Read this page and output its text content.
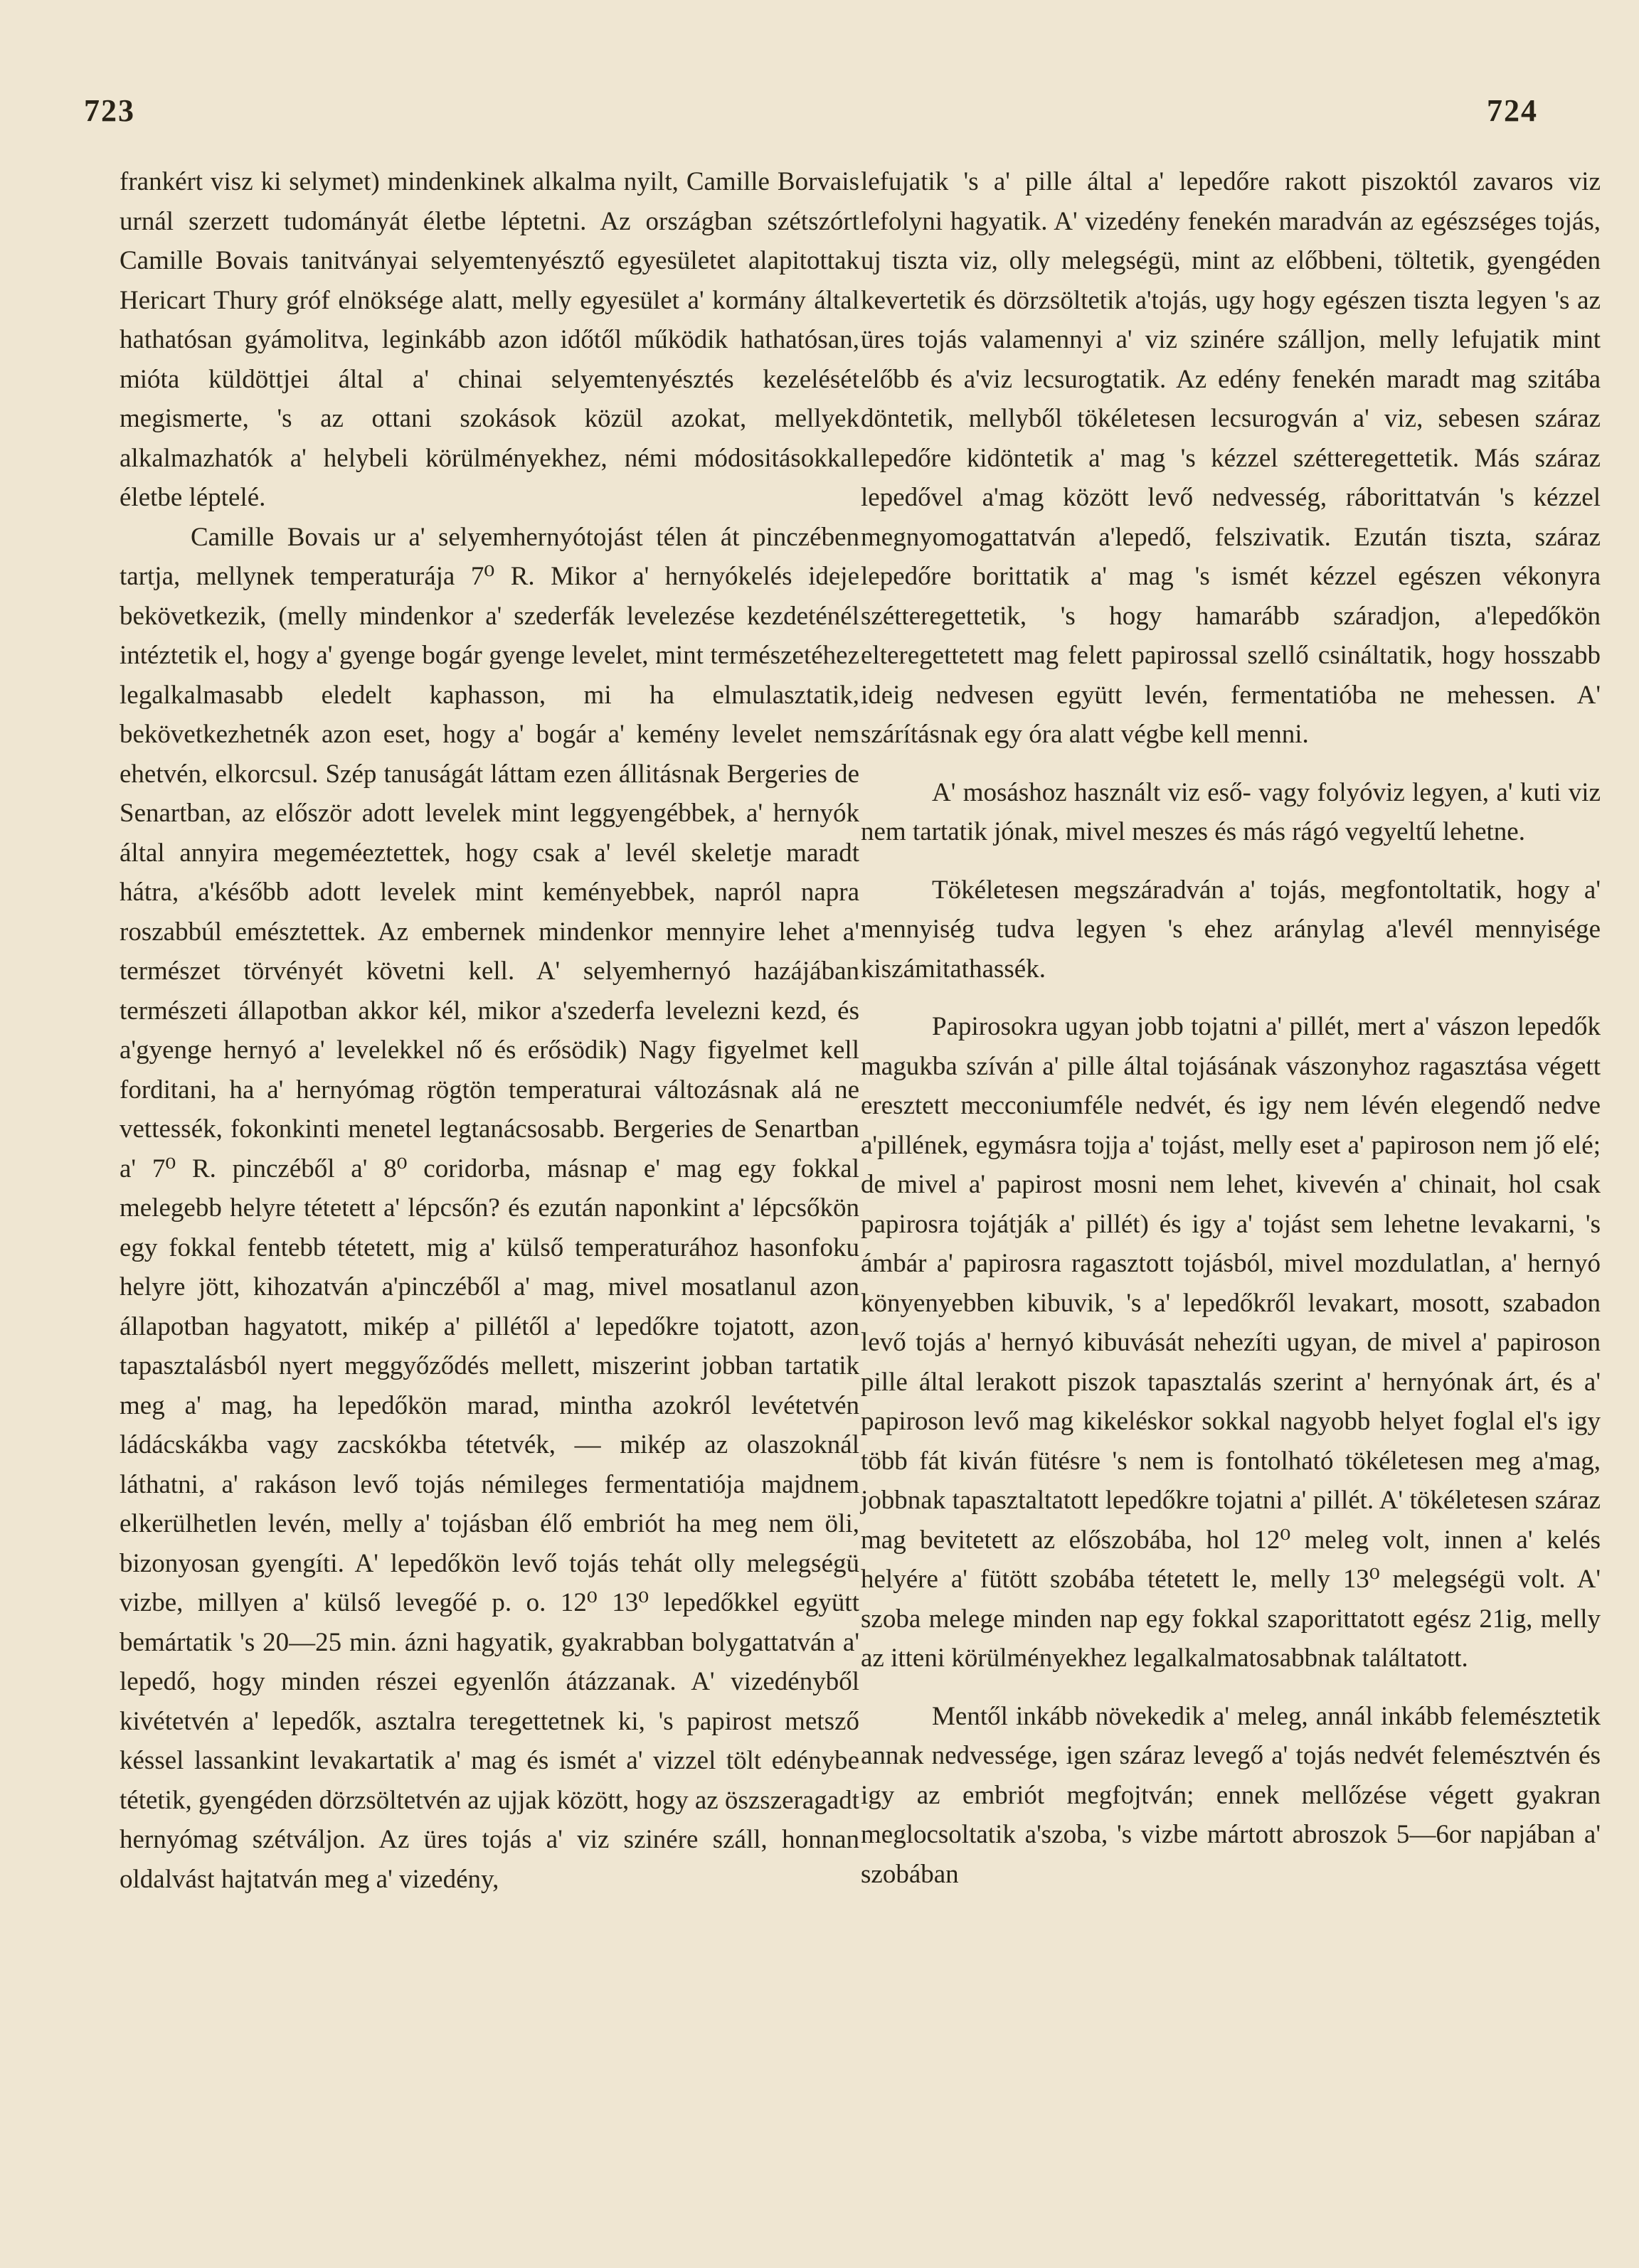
723	724

frankért visz ki selymet) mindenkinek alkalma nyilt, Camille Borvais urnál szerzett tudományát életbe léptetni. Az országban szétszórt Camille Bovais tanitványai selyemtenyésztő egyesületet alapitottak Hericart Thury gróf elnöksége alatt, melly egyesület a' kormány által hathatósan gyámolitva, leginkább azon időtől működik hathatósan, mióta küldöttjei által a' chinai selyemtenyésztés kezelését megismerte, 's az ottani szokások közül azokat, mellyek alkalmazhatók a' helybeli körülményekhez, némi módositásokkal életbe léptelé.

Camille Bovais ur a' selyemhernyótojást télen át pinczében tartja, mellynek temperaturája 7⁰ R. Mikor a' hernyókelés ideje bekövetkezik, (melly mindenkor a' szederfák levelezése kezdeténél intéztetik el, hogy a' gyenge bogár gyenge levelet, mint természetéhez legalkalmasabb eledelt kaphasson, mi ha elmulasztatik, bekövetkezhetnék azon eset, hogy a' bogár a' kemény levelet nem ehetvén, elkorcsul. Szép tanuságát láttam ezen állitásnak Bergeries de Senartban, az először adott levelek mint leggyengébbek, a' hernyók által annyira megeméeztettek, hogy csak a' levél skeletje maradt hátra, a'később adott levelek mint keményebbek, napról napra roszabbúl emésztettek. Az embernek mindenkor mennyire lehet a' természet törvényét követni kell. A' selyemhernyó hazájában természeti állapotban akkor kél, mikor a'szederfa levelezni kezd, és a'gyenge hernyó a' levelekkel nő és erősödik) Nagy figyelmet kell forditani, ha a' hernyómag rögtön temperaturai változásnak alá ne vettessék, fokonkinti menetel legtanácsosabb. Bergeries de Senartban a' 7⁰ R. pinczéből a' 8⁰ coridorba, másnap e' mag egy fokkal melegebb helyre tétetett a' lépcsőn? és ezután naponkint a' lépcsőkön egy fokkal fentebb tétetett, mig a' külső temperaturához hasonfoku helyre jött, kihozatván a'pinczéből a' mag, mivel mosatlanul azon állapotban hagyatott, mikép a' pillétől a' lepedőkre tojatott, azon tapasztalásból nyert meggyőződés mellett, miszerint jobban tartatik meg a' mag, ha lepedőkön marad, mintha azokról levétetvén ládácskákba vagy zacskókba tétetvék, — mikép az olaszoknál láthatni, a' rakáson levő tojás némileges fermentatiója majdnem elkerülhetlen levén, melly a' tojásban élő embriót ha meg nem öli, bizonyosan gyengíti. A' lepedőkön levő tojás tehát olly melegségü vizbe, millyen a' külső levegőé p. o. 12⁰ 13⁰ lepedőkkel együtt bemártatik 's 20—25 min. ázni hagyatik, gyakrabban bolygattatván a' lepedő, hogy minden részei egyenlőn átázzanak. A' vizedényből kivétetvén a' lepedők, asztalra teregettetnek ki, 's papirost metsző késsel lassankint levakartatik a' mag és ismét a' vizzel tölt edénybe tétetik, gyengéden dörzsöltetvén az ujjak között, hogy az öszszeragadt hernyómag szétváljon. Az üres tojás a' viz szinére száll, honnan oldalvást hajtatván meg a' vizedény,

lefujatik 's a' pille által a' lepedőre rakott piszoktól zavaros viz lefolyni hagyatik. A' vizedény fenekén maradván az egészséges tojás, uj tiszta viz, olly melegségü, mint az előbbeni, töltetik, gyengéden kevertetik és dörzsöltetik a'tojás, ugy hogy egészen tiszta legyen 's az üres tojás valamennyi a' viz szinére szálljon, melly lefujatik mint előbb és a'viz lecsurogtatik. Az edény fenekén maradt mag szitába döntetik, mellyből tökéletesen lecsurogván a' viz, sebesen száraz lepedőre kidöntetik a' mag 's kézzel szétteregettetik. Más száraz lepedővel a'mag között levő nedvesség, ráborittatván 's kézzel megnyomogattatván a'lepedő, felszivatik. Ezután tiszta, száraz lepedőre borittatik a' mag 's ismét kézzel egészen vékonyra szétteregettetik, 's hogy hamarább száradjon, a'lepedőkön elteregettetett mag felett papirossal szellő csináltatik, hogy hosszabb ideig nedvesen együtt levén, fermentatióba ne mehessen. A' szárításnak egy óra alatt végbe kell menni.

A' mosáshoz használt viz eső- vagy folyóviz legyen, a' kuti viz nem tartatik jónak, mivel meszes és más rágó vegyeltű lehetne.

Tökéletesen megszáradván a' tojás, megfontoltatik, hogy a' mennyiség tudva legyen 's ehez aránylag a'levél mennyisége kiszámitathassék.

Papirosokra ugyan jobb tojatni a' pillét, mert a' vászon lepedők magukba szíván a' pille által tojásának vászonyhoz ragasztása végett eresztett mecconiumféle nedvét, és igy nem lévén elegendő nedve a'pillének, egymásra tojja a' tojást, melly eset a' papiroson nem jő elé; de mivel a' papirost mosni nem lehet, kivevén a' chinait, hol csak papirosra tojátják a' pillét) és igy a' tojást sem lehetne levakarni, 's ámbár a' papirosra ragasztott tojásból, mivel mozdulatlan, a' hernyó könyenyebben kibuvik, 's a' lepedőkről levakart, mosott, szabadon levő tojás a' hernyó kibuvását nehezíti ugyan, de mivel a' papiroson pille által lerakott piszok tapasztalás szerint a' hernyónak árt, és a' papiroson levő mag kikeléskor sokkal nagyobb helyet foglal el's igy több fát kiván fütésre 's nem is fontolható tökéletesen meg a'mag, jobbnak tapasztaltatott lepedőkre tojatni a' pillét. A' tökéletesen száraz mag bevitetett az előszobába, hol 12⁰ meleg volt, innen a' kelés helyére a' fütött szobába tétetett le, melly 13⁰ melegségü volt. A' szoba melege minden nap egy fokkal szaporittatott egész 21ig, melly az itteni körülményekhez legalkalmatosabbnak találtatott.

Mentől inkább növekedik a' meleg, annál inkább felemésztetik annak nedvessége, igen száraz levegő a' tojás nedvét felemésztvén és igy az embriót megfojtván; ennek mellőzése végett gyakran meglocsoltatik a'szoba, 's vizbe mártott abroszok 5—6or napjában a' szobában
